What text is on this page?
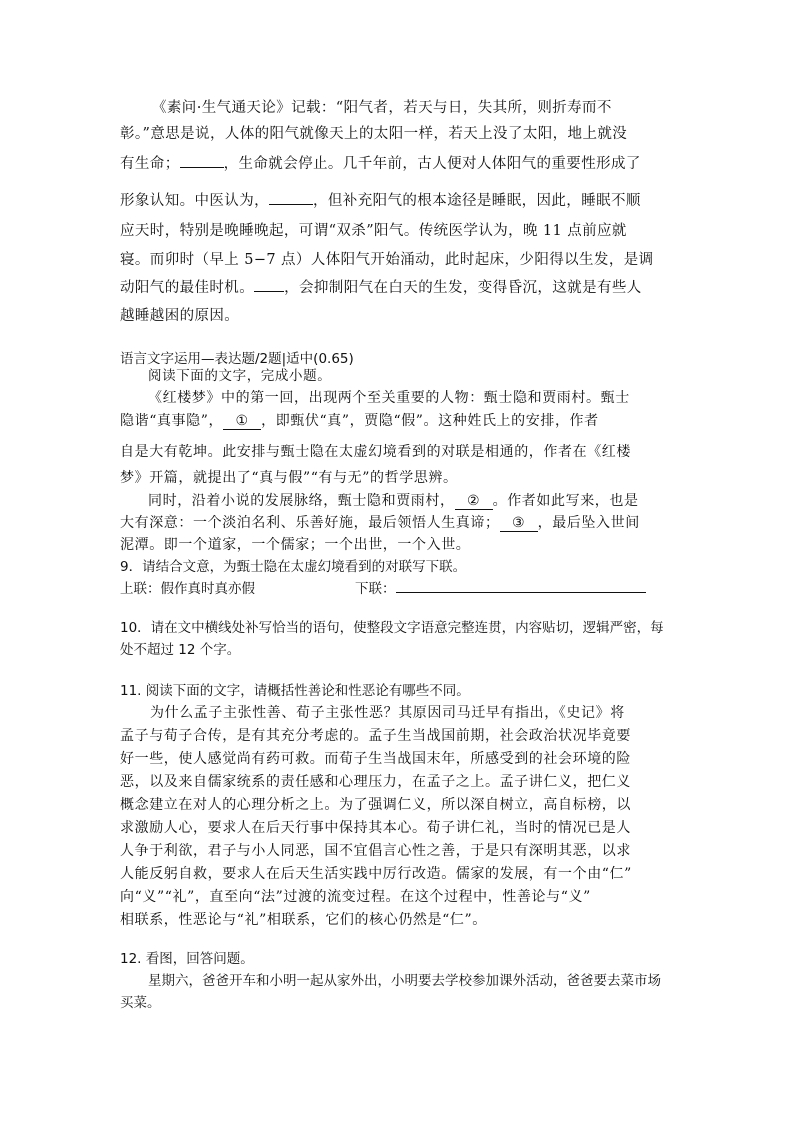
《素问·生气通天论》记载：“阳气者，若天与日，失其所，则折寿而不
彰。”意思是说，人体的阳气就像天上的太阳一样，若天上没了太阳，地上就没
有生命；	，生命就会停止。几千年前，古人便对人体阳气的重要性形成了
形象认知。中医认为，	，但补充阳气的根本途径是睡眠，因此，睡眠不顺
应天时，特别是晚睡晚起，可谓“双杀”阳气。传统医学认为，晚 11 点前应就
寝。而卯时（早上 5−7 点）人体阳气开始涌动，此时起床，少阳得以生发，是调
动阳气的最佳时机。 ，会抑制阳气在白天的生发，变得昏沉，这就是有些人
越睡越困的原因。
语言文字运用—表达题/2题|适中(0.65)
阅读下面的文字，完成小题。
《红楼梦》中的第一回，出现两个至关重要的人物：甄士隐和贾雨村。甄士
隐谐“真事隐”， ① ，即甄伏“真”，贾隐“假”。这种姓氏上的安排，作者
自是大有乾坤。此安排与甄士隐在太虚幻境看到的对联是相通的，作者在《红楼
梦》开篇，就提出了“真与假”“有与无”的哲学思辨。
同时，沿着小说的发展脉络，甄士隐和贾雨村， ② 。作者如此写来，也是
大有深意：一个淡泊名利、乐善好施，最后领悟人生真谛； ③ ，最后坠入世间
泥潭。即一个道家，一个儒家；一个出世，一个入世。
9．请结合文意，为甄士隐在太虚幻境看到的对联写下联。
上联：假作真时真亦假	下联：
10．请在文中横线处补写恰当的语句，使整段文字语意完整连贯，内容贴切，逻辑严密，每
处不超过 12 个字。
11. 阅读下面的文字，请概括性善论和性恶论有哪些不同。
为什么孟子主张性善、荀子主张性恶？其原因司马迁早有指出，《史记》将
孟子与荀子合传，是有其充分考虑的。孟子生当战国前期，社会政治状况毕竟要
好一些，使人感觉尚有药可救。而荀子生当战国末年，所感受到的社会环境的险
恶，以及来自儒家统系的责任感和心理压力，在孟子之上。孟子讲仁义，把仁义
概念建立在对人的心理分析之上。为了强调仁义，所以深自树立，高自标榜，以
求激励人心，要求人在后天行事中保持其本心。荀子讲仁礼，当时的情况已是人
人争于利欲，君子与小人同恶，国不宜倡言心性之善，于是只有深明其恶，以求
人能反躬自救，要求人在后天生活实践中厉行改造。儒家的发展，有一个由“仁”
向“义”“礼”，直至向“法”过渡的流变过程。在这个过程中，性善论与“义”
相联系，性恶论与“礼”相联系，它们的核心仍然是“仁”。
12. 看图，回答问题。
星期六，爸爸开车和小明一起从家外出，小明要去学校参加课外活动，爸爸要去菜市场
买菜。
